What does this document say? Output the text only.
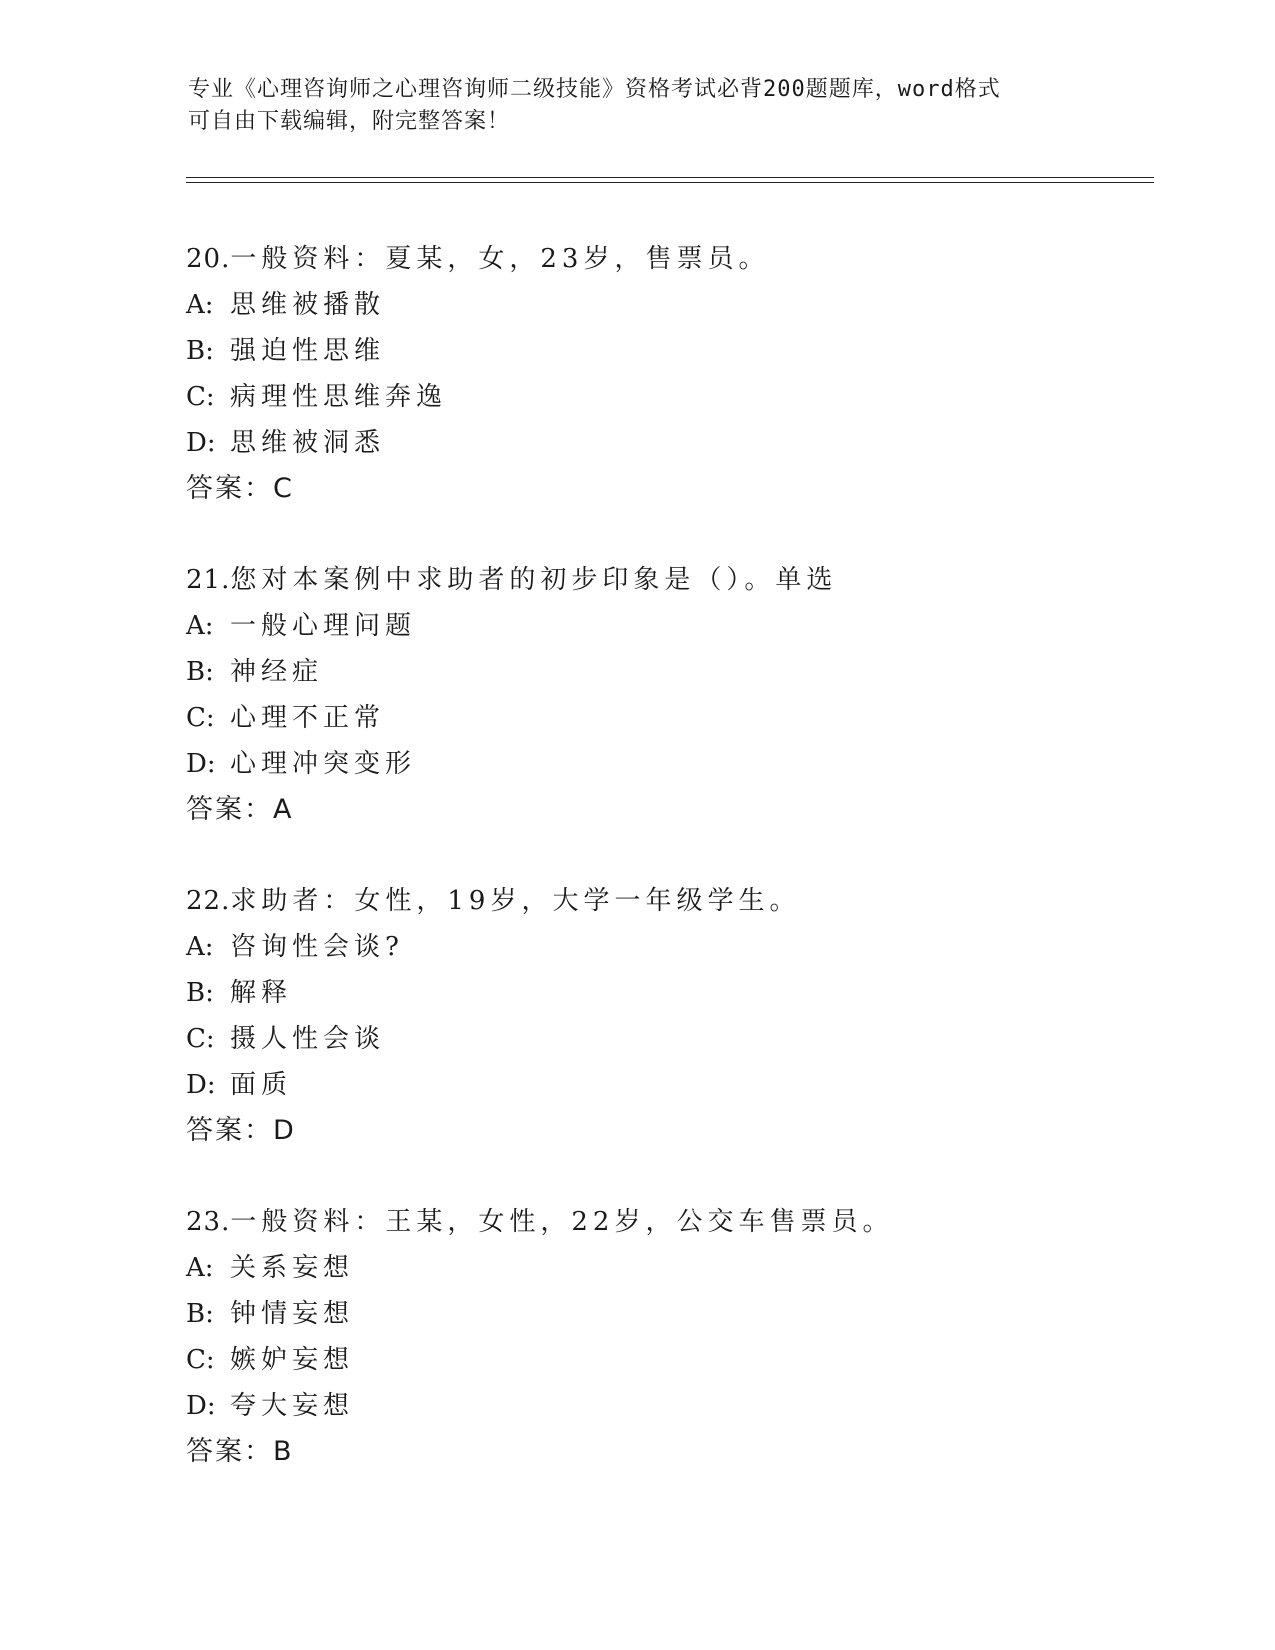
专业《心理咨询师之心理咨询师二级技能》资格考试必背200题题库，word格式
可自由下载编辑，附完整答案！
20.一般资料：夏某，女，23岁，售票员。
A: 思维被播散
B: 强迫性思维
C: 病理性思维奔逸
D: 思维被洞悉
答案：C
21.您对本案例中求助者的初步印象是（）。单选
A: 一般心理问题
B: 神经症
C: 心理不正常
D: 心理冲突变形
答案：A
22.求助者：女性，19岁，大学一年级学生。
A: 咨询性会谈?
B: 解释
C: 摄人性会谈
D: 面质
答案：D
23.一般资料：王某，女性，22岁，公交车售票员。
A: 关系妄想
B: 钟情妄想
C: 嫉妒妄想
D: 夸大妄想
答案：B
